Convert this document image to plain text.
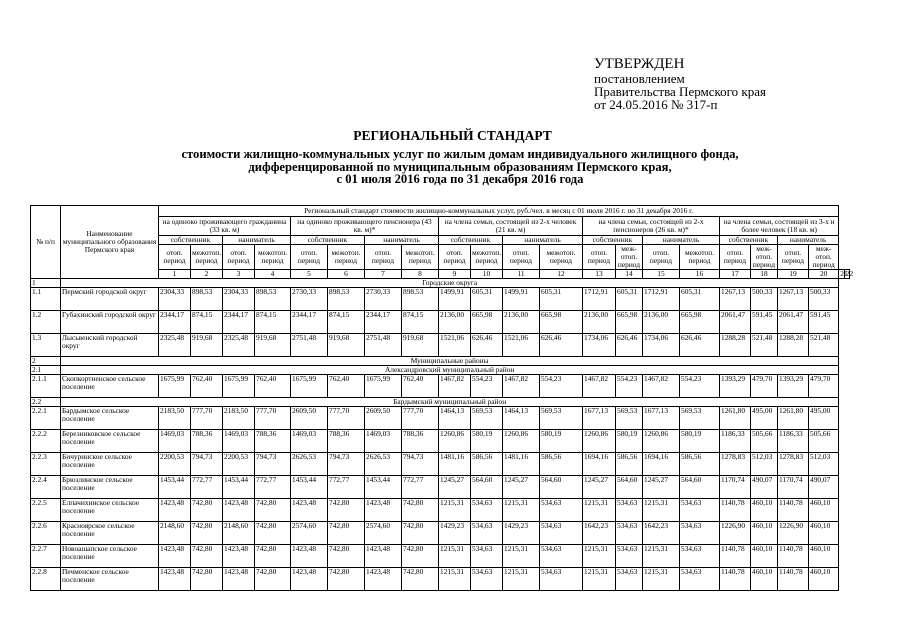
УТВЕРЖДЕН
постановлением
Правительства Пермского края
от 24.05.2016 № 317-п
РЕГИОНАЛЬНЫЙ СТАНДАРТ
стоимости жилищно-коммунальных услуг по жилым домам индивидуального жилищного фонда,
дифференцированной по муниципальным образованиям Пермского края,
с 01 июля 2016 года по 31 декабря 2016 года
№ п/п	Наименование муниципального образования Пермского края	Региональный стандарт стоимости жилищно-коммунальных услуг, руб./чел. в месяц с 01 июля 2016 г. по 31 декабря 2016 г.																					
		на одиноко проживающего гражданина (33 кв. м)				на одиноко проживающего пенсионера (43 кв. м)*				на члена семьи, состоящей из 2-х человек (21 кв. м)				на члена семьи, состоящей из 2-х пенсионеров (26 кв. м)*				на члена семьи, состоящей из 3-х и более человек (18 кв. м)					
		собственник		наниматель		собственник		наниматель		собственник		наниматель		собственник		наниматель		собственник		наниматель			
		отоп. период	межотоп. период	отоп. период	межотоп. период	отоп. период	межотоп. период	отоп. период	межотоп. период	отоп. период	межотоп. период	отоп. период	межотоп. период	отоп. период	меж-отоп. период	отоп. период	межотоп. период	отоп. период	меж-отоп. период	отоп. период	меж-отоп. период		
		1	2	3	4	5	6	7	8	9	10	11	12	13	14	15	16	17	18	19	20	21	22
1	Городские округа																						
1.1	Пермский городской округ	2304,33	898,53	2304,33	898,53	2730,33	898,53	2730,33	898,53	1499,91	605,31	1499,91	605,31	1712,91	605,31	1712,91	605,31	1267,13	500,33	1267,13	500,33		
1.2	Губахинский городской округ	2344,17	874,15	2344,17	874,15	2344,17	874,15	2344,17	874,15	2136,00	665,98	2136,00	665,98	2136,00	665,98	2136,00	665,98	2061,47	591,45	2061,47	591,45		
1.3	Лысьвенский городской округ	2325,48	919,68	2325,48	919,68	2751,48	919,68	2751,48	919,68	1521,06	626,46	1521,06	626,46	1734,06	626,46	1734,06	626,46	1288,28	521,48	1288,28	521,48		
2	Муниципальные районы																						
2.1	Александровский муниципальный район																						
2.1.1	Скопкортненское сельское поселение	1675,99	762,40	1675,99	762,40	1675,99	762,40	1675,99	762,40	1467,82	554,23	1467,82	554,23	1467,82	554,23	1467,82	554,23	1393,29	479,70	1393,29	479,70		
2.2	Бардымский муниципальный район																						
2.2.1	Бардымское сельское поселение	2183,50	777,70	2183,50	777,70	2609,50	777,70	2609,50	777,70	1464,13	569,53	1464,13	569,53	1677,13	569,53	1677,13	569,53	1261,80	495,00	1261,80	495,00		
2.2.2	Березниковское сельское поселение	1469,03	788,36	1469,03	788,36	1469,03	788,36	1469,03	788,36	1260,86	580,19	1260,86	580,19	1260,86	580,19	1260,86	580,19	1186,33	505,66	1186,33	505,66		
2.2.3	Бичуринское сельское поселение	2200,53	794,73	2200,53	794,73	2626,53	794,73	2626,53	794,73	1481,16	586,56	1481,16	586,56	1694,16	586,56	1694,16	586,56	1278,83	512,03	1278,83	512,03		
2.2.4	Брюзлинское сельское поселение	1453,44	772,77	1453,44	772,77	1453,44	772,77	1453,44	772,77	1245,27	564,60	1245,27	564,60	1245,27	564,60	1245,27	564,60	1170,74	490,07	1170,74	490,07		
2.2.5	Елпачихинское сельское поселение	1423,48	742,80	1423,48	742,80	1423,48	742,80	1423,48	742,80	1215,31	534,63	1215,31	534,63	1215,31	534,63	1215,31	534,63	1140,78	460,10	1140,78	460,10		
2.2.6	Красноярское сельское поселение	2148,60	742,80	2148,60	742,80	2574,60	742,80	2574,60	742,80	1429,23	534,63	1429,23	534,63	1642,23	534,63	1642,23	534,63	1226,90	460,10	1226,90	460,10		
2.2.7	Новоашапское сельское поселение	1423,48	742,80	1423,48	742,80	1423,48	742,80	1423,48	742,80	1215,31	534,63	1215,31	534,63	1215,31	534,63	1215,31	534,63	1140,78	460,10	1140,78	460,10		
2.2.8	Печменское сельское поселение	1423,48	742,80	1423,48	742,80	1423,48	742,80	1423,48	742,80	1215,31	534,63	1215,31	534,63	1215,31	534,63	1215,31	534,63	1140,78	460,10	1140,78	460,10		
